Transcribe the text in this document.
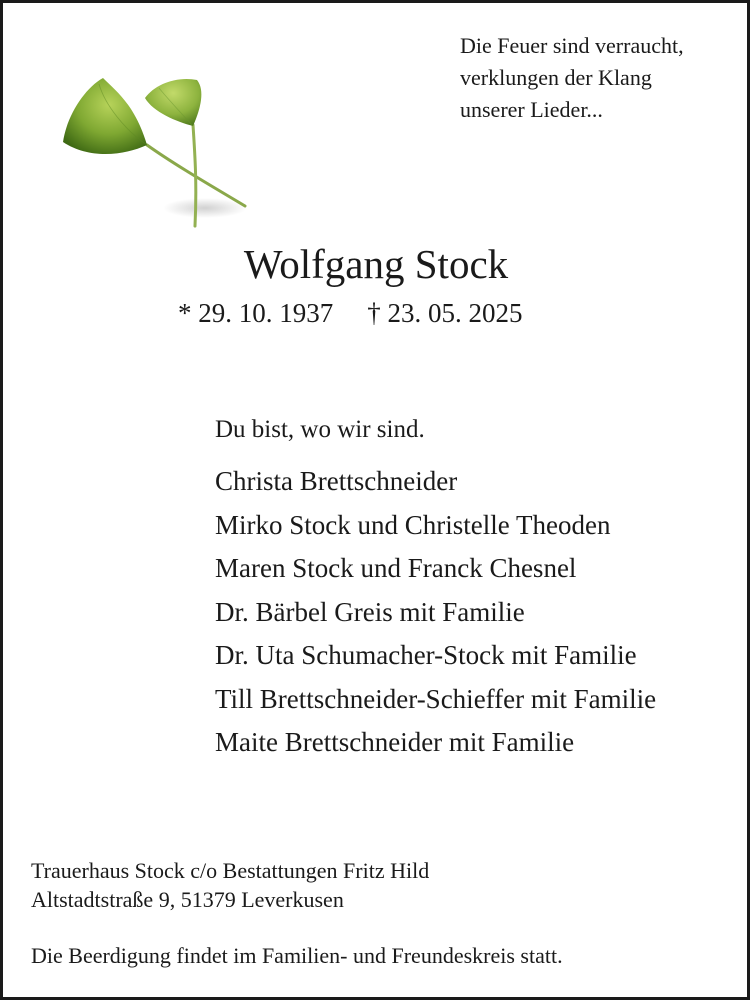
Die Feuer sind verraucht,
verklungen der Klang
unserer Lieder...
Wolfgang Stock
* 29. 10. 1937 † 23. 05. 2025
Du bist, wo wir sind.
Christa Brettschneider
Mirko Stock und Christelle Theoden
Maren Stock und Franck Chesnel
Dr. Bärbel Greis mit Familie
Dr. Uta Schumacher-Stock mit Familie
Till Brettschneider-Schieffer mit Familie
Maite Brettschneider mit Familie
Trauerhaus Stock c/o Bestattungen Fritz Hild
Altstadtstraße 9, 51379 Leverkusen
Die Beerdigung findet im Familien- und Freundeskreis statt.
